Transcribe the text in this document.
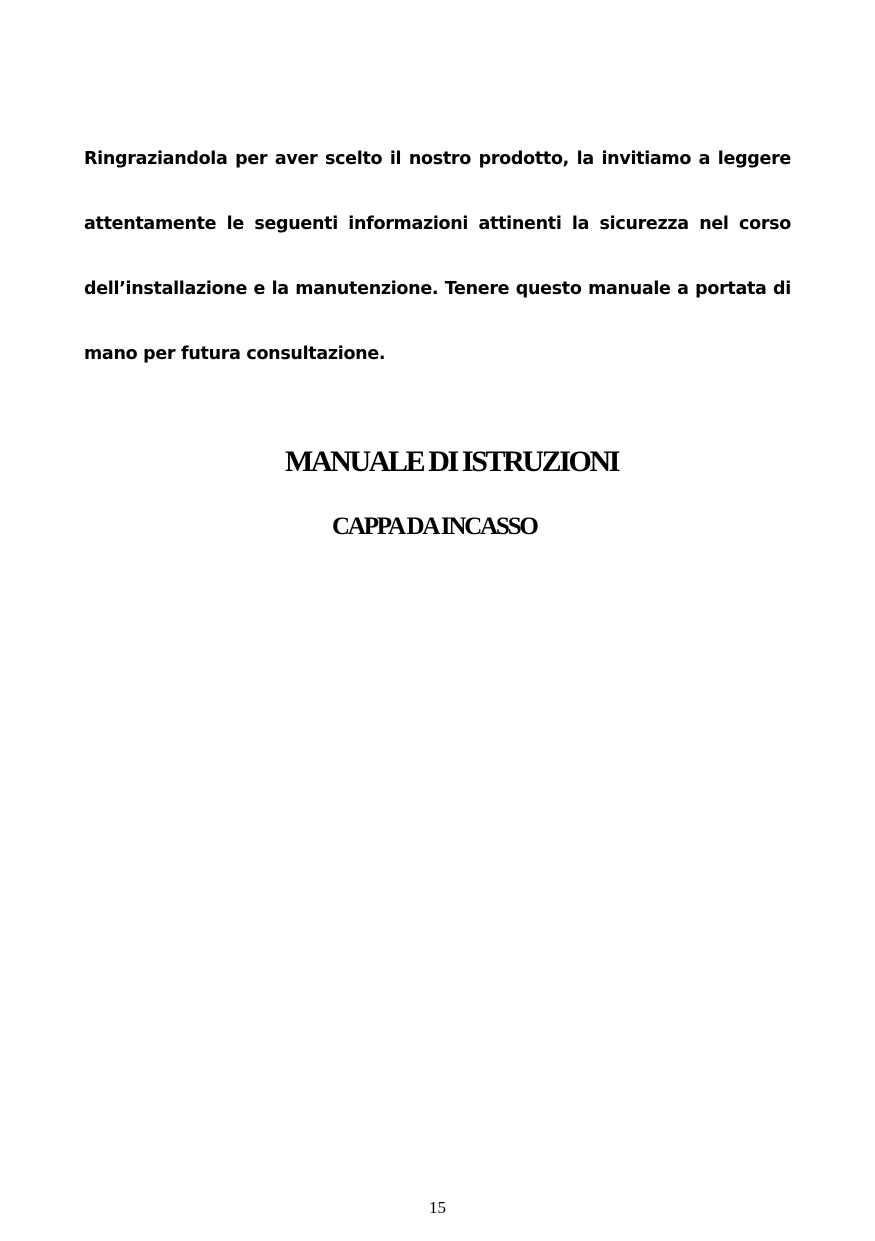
Ringraziandola per aver scelto il nostro prodotto, la invitiamo a leggere
attentamente le seguenti informazioni attinenti la sicurezza nel corso
dell’installazione e la manutenzione. Tenere questo manuale a portata di
mano per futura consultazione.
MANUALE DI ISTRUZIONI
CAPPA DA INCASSO
15
